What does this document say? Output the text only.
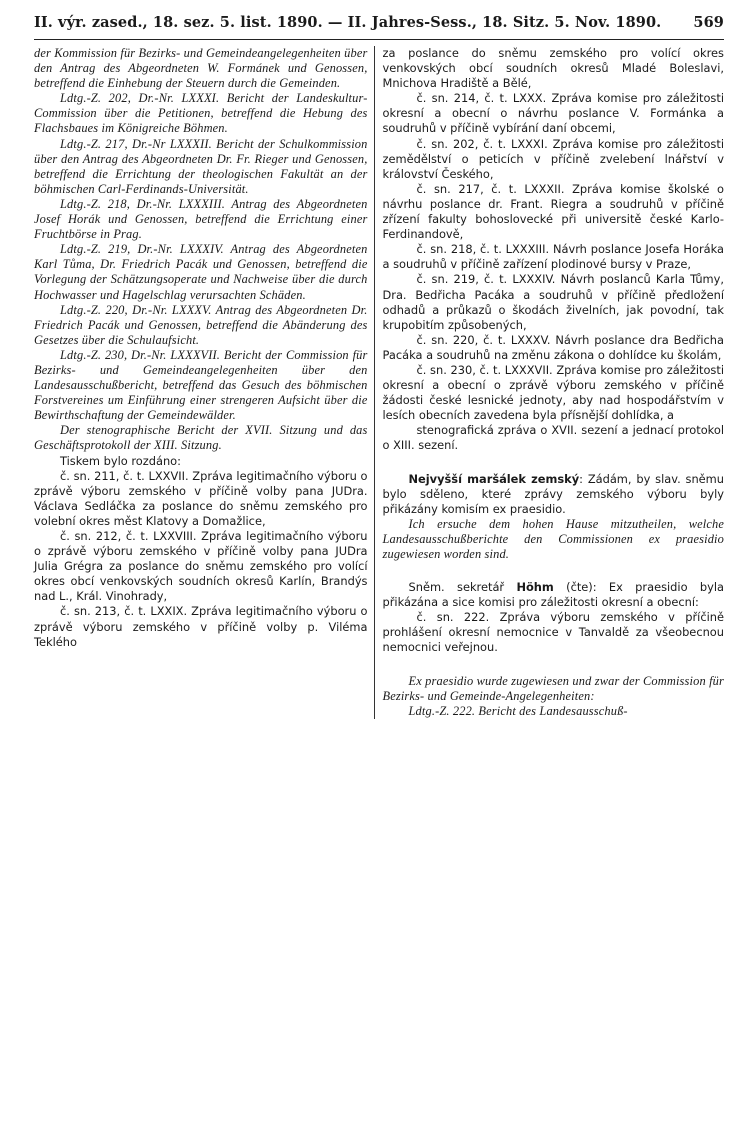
II. výr. zased., 18. sez. 5. list. 1890. — II. Jahres-Sess., 18. Sitz. 5. Nov. 1890. 569

der Kommission für Bezirks- und Gemeindeangelegenheiten über den Antrag des Abgeordneten W. Formánek und Genossen, betreffend die Einhebung der Steuern durch die Gemeinden.

Ldtg.-Z. 202, Dr.-Nr. LXXXI. Bericht der Landeskultur-Commission über die Petitionen, betreffend die Hebung des Flachsbaues im Königreiche Böhmen.

Ldtg.-Z. 217, Dr.-Nr LXXXII. Bericht der Schulkommission über den Antrag des Abgeordneten Dr. Fr. Rieger und Genossen, betreffend die Errichtung der theologischen Fakultät an der böhmischen Carl-Ferdinands-Universität.

Ldtg.-Z. 218, Dr.-Nr. LXXXIII. Antrag des Abgeordneten Josef Horák und Genossen, betreffend die Errichtung einer Fruchtbörse in Prag.

Ldtg.-Z. 219, Dr.-Nr. LXXXIV. Antrag des Abgeordneten Karl Tůma, Dr. Friedrich Pacák und Genossen, betreffend die Vorlegung der Schätzungsoperate und Nachweise über die durch Hochwasser und Hagelschlag verursachten Schäden.

Ldtg.-Z. 220, Dr.-Nr. LXXXV. Antrag des Abgeordneten Dr. Friedrich Pacák und Genossen, betreffend die Abänderung des Gesetzes über die Schulaufsicht.

Ldtg.-Z. 230, Dr.-Nr. LXXXVII. Bericht der Commission für Bezirks- und Gemeindeangelegenheiten über den Landesausschußbericht, betreffend das Gesuch des böhmischen Forstvereines um Einführung einer strengeren Aufsicht über die Bewirthschaftung der Gemeindewälder.

Der stenographische Bericht der XVII. Sitzung und das Geschäftsprotokoll der XIII. Sitzung.

Tiskem bylo rozdáno:

č. sn. 211, č. t. LXXVII. Zpráva legitimačního výboru o zprávě výboru zemského v příčině volby pana JUDra. Václava Sedláčka za poslance do sněmu zemského pro volební okres měst Klatovy a Domažlice,

č. sn. 212, č. t. LXXVIII. Zpráva legitimačního výboru o zprávě výboru zemského v příčině volby pana JUDra Julia Grégra za poslance do sněmu zemského pro volící okres obcí venkovských soudních okresů Karlín, Brandýs nad L., Král. Vinohrady,

č. sn. 213, č. t. LXXIX. Zpráva legitimačního výboru o zprávě výboru zemského v příčině volby p. Viléma Teklého

za poslance do sněmu zemského pro volící okres venkovských obcí soudních okresů Mladé Boleslavi, Mnichova Hradiště a Bělé,

č. sn. 214, č. t. LXXX. Zpráva komise pro záležitosti okresní a obecní o návrhu poslance V. Formánka a soudruhů v příčině vybírání daní obcemi,

č. sn. 202, č. t. LXXXI. Zpráva komise pro záležitosti zemědělství o peticích v příčině zvelebení lnářství v království Českého,

č. sn. 217, č. t. LXXXII. Zpráva komise školské o návrhu poslance dr. Frant. Riegra a soudruhů v příčině zřízení fakulty bohoslovecké při universitě české Karlo-Ferdinandově,

č. sn. 218, č. t. LXXXIII. Návrh poslance Josefa Horáka a soudruhů v příčině zařízení plodinové bursy v Praze,

č. sn. 219, č. t. LXXXIV. Návrh poslanců Karla Tůmy, Dra. Bedřicha Pacáka a soudruhů v příčině předložení odhadů a průkazů o škodách živelních, jak povodní, tak krupobitím způsobených,

č. sn. 220, č. t. LXXXV. Návrh poslance dra Bedřicha Pacáka a soudruhů na změnu zákona o dohlídce ku školám,

č. sn. 230, č. t. LXXXVII. Zpráva komise pro záležitosti okresní a obecní o zprávě výboru zemského v příčině žádosti české lesnické jednoty, aby nad hospodářstvím v lesích obecních zavedena byla přísnější dohlídka, a

stenografická zpráva o XVII. sezení a jednací protokol o XIII. sezení.

Nejvyšší maršálek zemský: Zádám, by slav. sněmu bylo sděleno, které zprávy zemského výboru byly přikázány komisím ex praesidio.

Ich ersuche dem hohen Hause mitzutheilen, welche Landesausschußberichte den Commissionen ex praesidio zugewiesen worden sind.

Sněm. sekretář Höhm (čte): Ex praesidio byla přikázána a sice komisi pro záležitosti okresní a obecní:

č. sn. 222. Zpráva výboru zemského v příčině prohlášení okresní nemocnice v Tanvaldě za všeobecnou nemocnici veřejnou.

Ex praesidio wurde zugewiesen und zwar der Commission für Bezirks- und Gemeinde-Angelegenheiten:

Ldtg.-Z. 222. Bericht des Landesausschuß-
